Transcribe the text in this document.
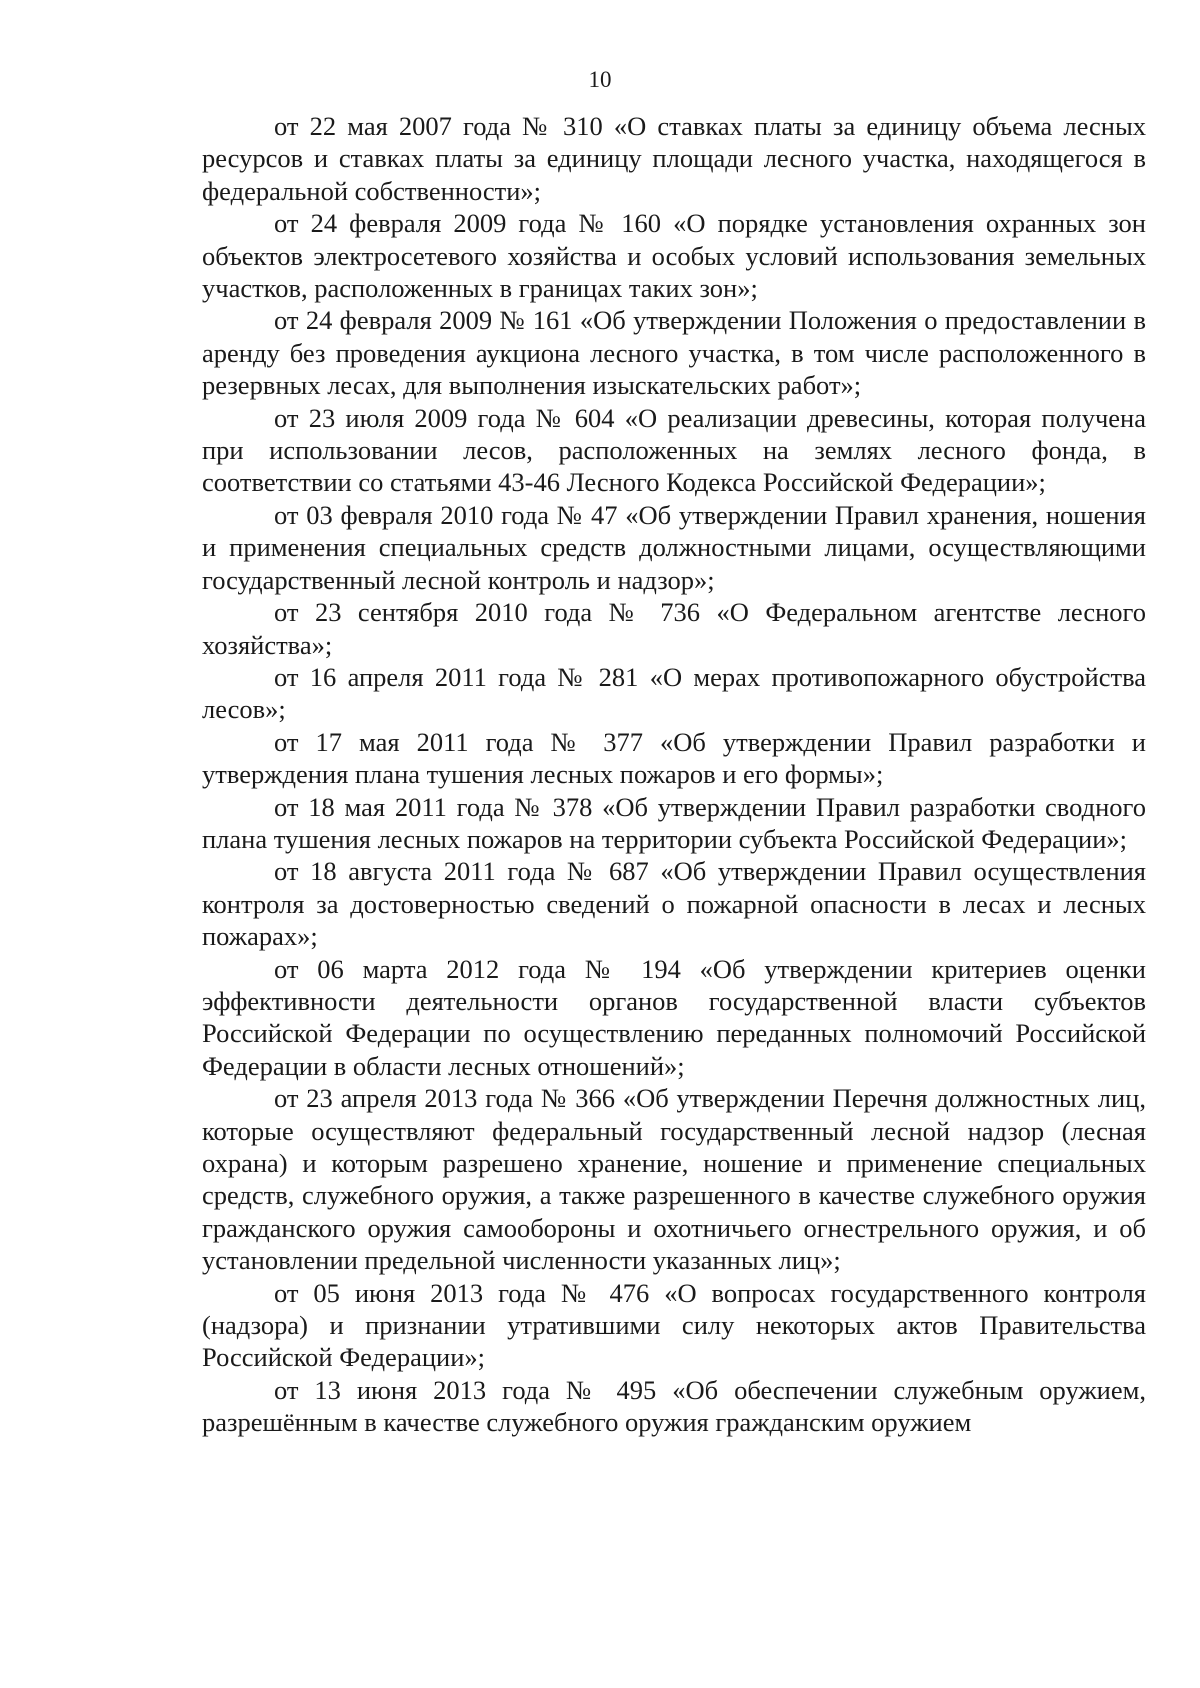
10

от 22 мая 2007 года № 310 «О ставках платы за единицу объема лесных ресурсов и ставках платы за единицу площади лесного участка, находящегося в федеральной собственности»;

от 24 февраля 2009 года № 160 «О порядке установления охранных зон объектов электросетевого хозяйства и особых условий использования земельных участков, расположенных в границах таких зон»;

от 24 февраля 2009 № 161 «Об утверждении Положения о предоставлении в аренду без проведения аукциона лесного участка, в том числе расположенного в резервных лесах, для выполнения изыскательских работ»;

от 23 июля 2009 года № 604 «О реализации древесины, которая получена при использовании лесов, расположенных на землях лесного фонда, в соответствии со статьями 43-46 Лесного Кодекса Российской Федерации»;

от 03 февраля 2010 года № 47 «Об утверждении Правил хранения, ношения и применения специальных средств должностными лицами, осуществляющими государственный лесной контроль и надзор»;

от 23 сентября 2010 года № 736 «О Федеральном агентстве лесного хозяйства»;

от 16 апреля 2011 года № 281 «О мерах противопожарного обустройства лесов»;

от 17 мая 2011 года № 377 «Об утверждении Правил разработки и утверждения плана тушения лесных пожаров и его формы»;

от 18 мая 2011 года № 378 «Об утверждении Правил разработки сводного плана тушения лесных пожаров на территории субъекта Российской Федерации»;

от 18 августа 2011 года № 687 «Об утверждении Правил осуществления контроля за достоверностью сведений о пожарной опасности в лесах и лесных пожарах»;

от 06 марта 2012 года № 194 «Об утверждении критериев оценки эффективности деятельности органов государственной власти субъектов Российской Федерации по осуществлению переданных полномочий Российской Федерации в области лесных отношений»;

от 23 апреля 2013 года № 366 «Об утверждении Перечня должностных лиц, которые осуществляют федеральный государственный лесной надзор (лесная охрана) и которым разрешено хранение, ношение и применение специальных средств, служебного оружия, а также разрешенного в качестве служебного оружия гражданского оружия самообороны и охотничьего огнестрельного оружия, и об установлении предельной численности указанных лиц»;

от 05 июня 2013 года № 476 «О вопросах государственного контроля (надзора) и признании утратившими силу некоторых актов Правительства Российской Федерации»;

от 13 июня 2013 года № 495 «Об обеспечении служебным оружием, разрешённым в качестве служебного оружия гражданским оружием
